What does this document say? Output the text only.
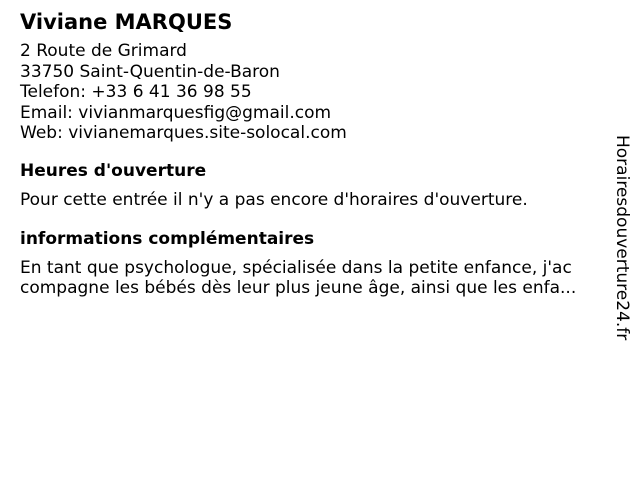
Viviane MARQUES
2 Route de Grimard
33750 Saint-Quentin-de-Baron
Telefon: +33 6 41 36 98 55
Email: vivianmarquesfig@gmail.com
Web: vivianemarques.site-solocal.com
Heures d'ouverture
Pour cette entrée il n'y a pas encore d'horaires d'ouverture.
informations complémentaires
En tant que psychologue, spécialisée dans la petite enfance, j'ac
compagne les bébés dès leur plus jeune âge, ainsi que les enfa...	Horairesdouverture24.fr
